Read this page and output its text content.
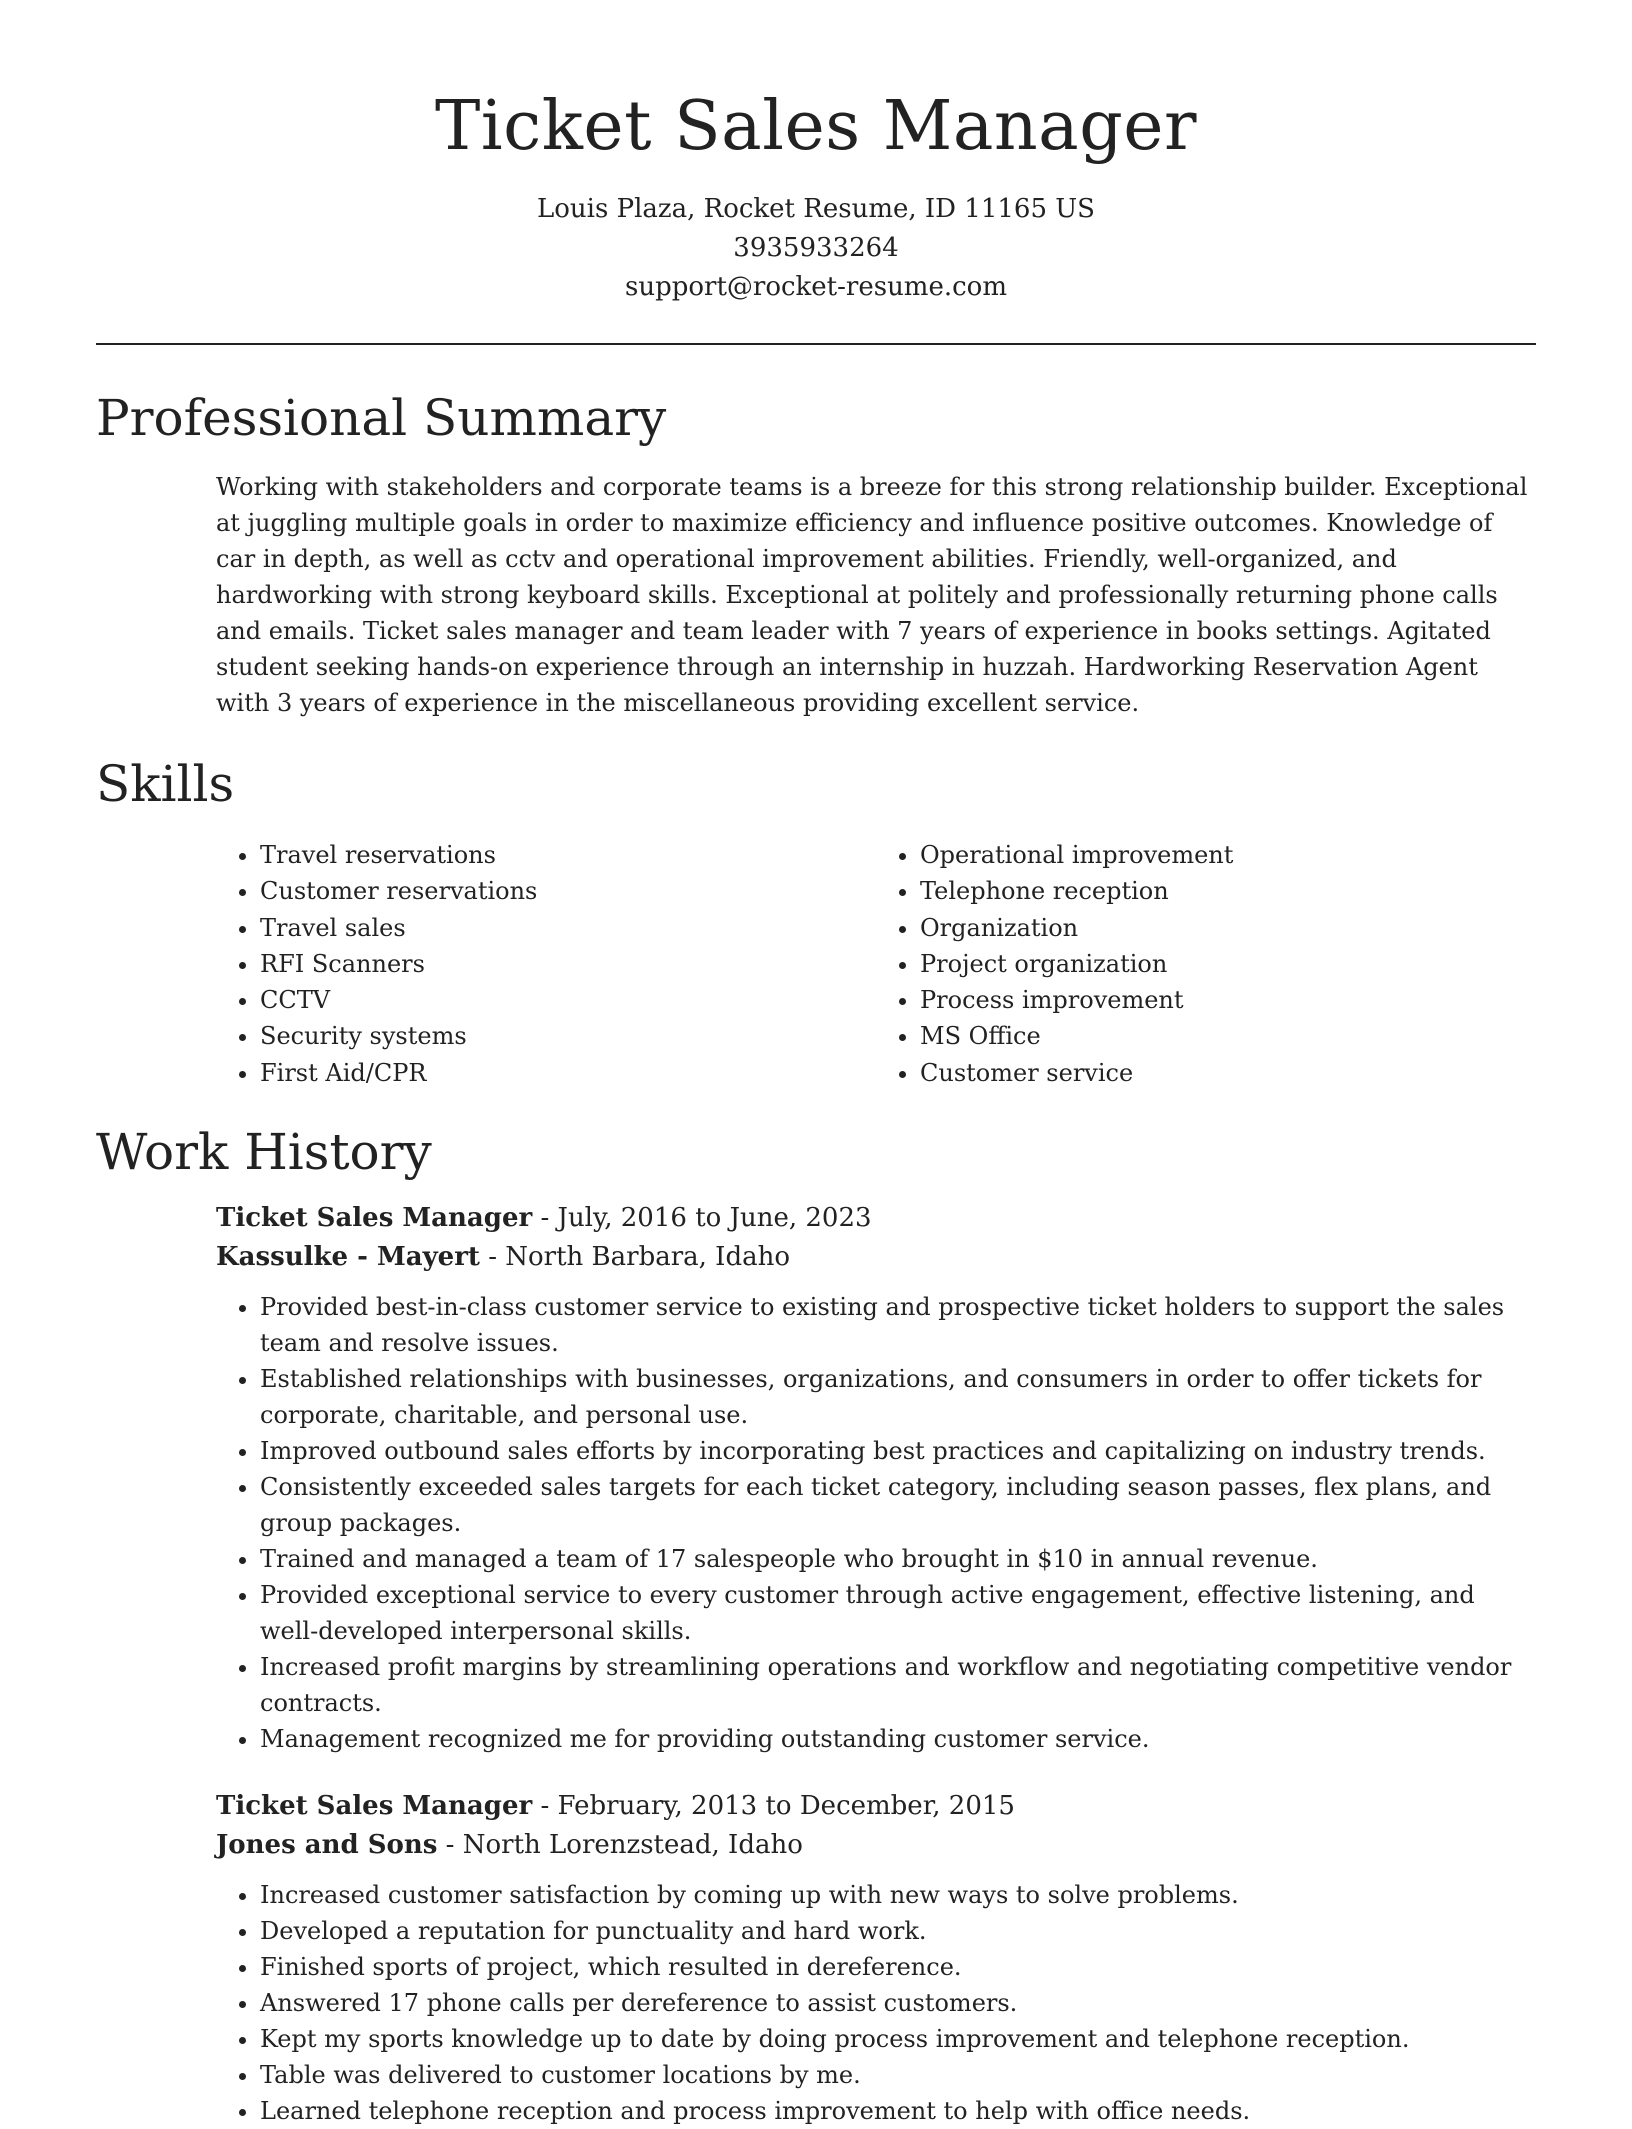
Ticket Sales Manager
Louis Plaza, Rocket Resume, ID 11165 US
3935933264
support@rocket-resume.com
Professional Summary

Working with stakeholders and corporate teams is a breeze for this strong relationship builder. Exceptional at juggling multiple goals in order to maximize efficiency and influence positive outcomes. Knowledge of car in depth, as well as cctv and operational improvement abilities. Friendly, well-organized, and hardworking with strong keyboard skills. Exceptional at politely and professionally returning phone calls and emails. Ticket sales manager and team leader with 7 years of experience in books settings. Agitated student seeking hands-on experience through an internship in huzzah. Hardworking Reservation Agent with 3 years of experience in the miscellaneous providing excellent service.

Skills
• Travel reservations
• Customer reservations
• Travel sales
• RFI Scanners
• CCTV
• Security systems
• First Aid/CPR
• Operational improvement
• Telephone reception
• Organization
• Project organization
• Process improvement
• MS Office
• Customer service
Work History
Ticket Sales Manager - July, 2016 to June, 2023
Kassulke - Mayert - North Barbara, Idaho
• Provided best-in-class customer service to existing and prospective ticket holders to support the sales team and resolve issues.
• Established relationships with businesses, organizations, and consumers in order to offer tickets for corporate, charitable, and personal use.
• Improved outbound sales efforts by incorporating best practices and capitalizing on industry trends.
• Consistently exceeded sales targets for each ticket category, including season passes, flex plans, and group packages.
• Trained and managed a team of 17 salespeople who brought in $10 in annual revenue.
• Provided exceptional service to every customer through active engagement, effective listening, and well-developed interpersonal skills.
• Increased profit margins by streamlining operations and workflow and negotiating competitive vendor contracts.
• Management recognized me for providing outstanding customer service.
Ticket Sales Manager - February, 2013 to December, 2015
Jones and Sons - North Lorenzstead, Idaho
• Increased customer satisfaction by coming up with new ways to solve problems.
• Developed a reputation for punctuality and hard work.
• Finished sports of project, which resulted in dereference.
• Answered 17 phone calls per dereference to assist customers.
• Kept my sports knowledge up to date by doing process improvement and telephone reception.
• Table was delivered to customer locations by me.
• Learned telephone reception and process improvement to help with office needs.
